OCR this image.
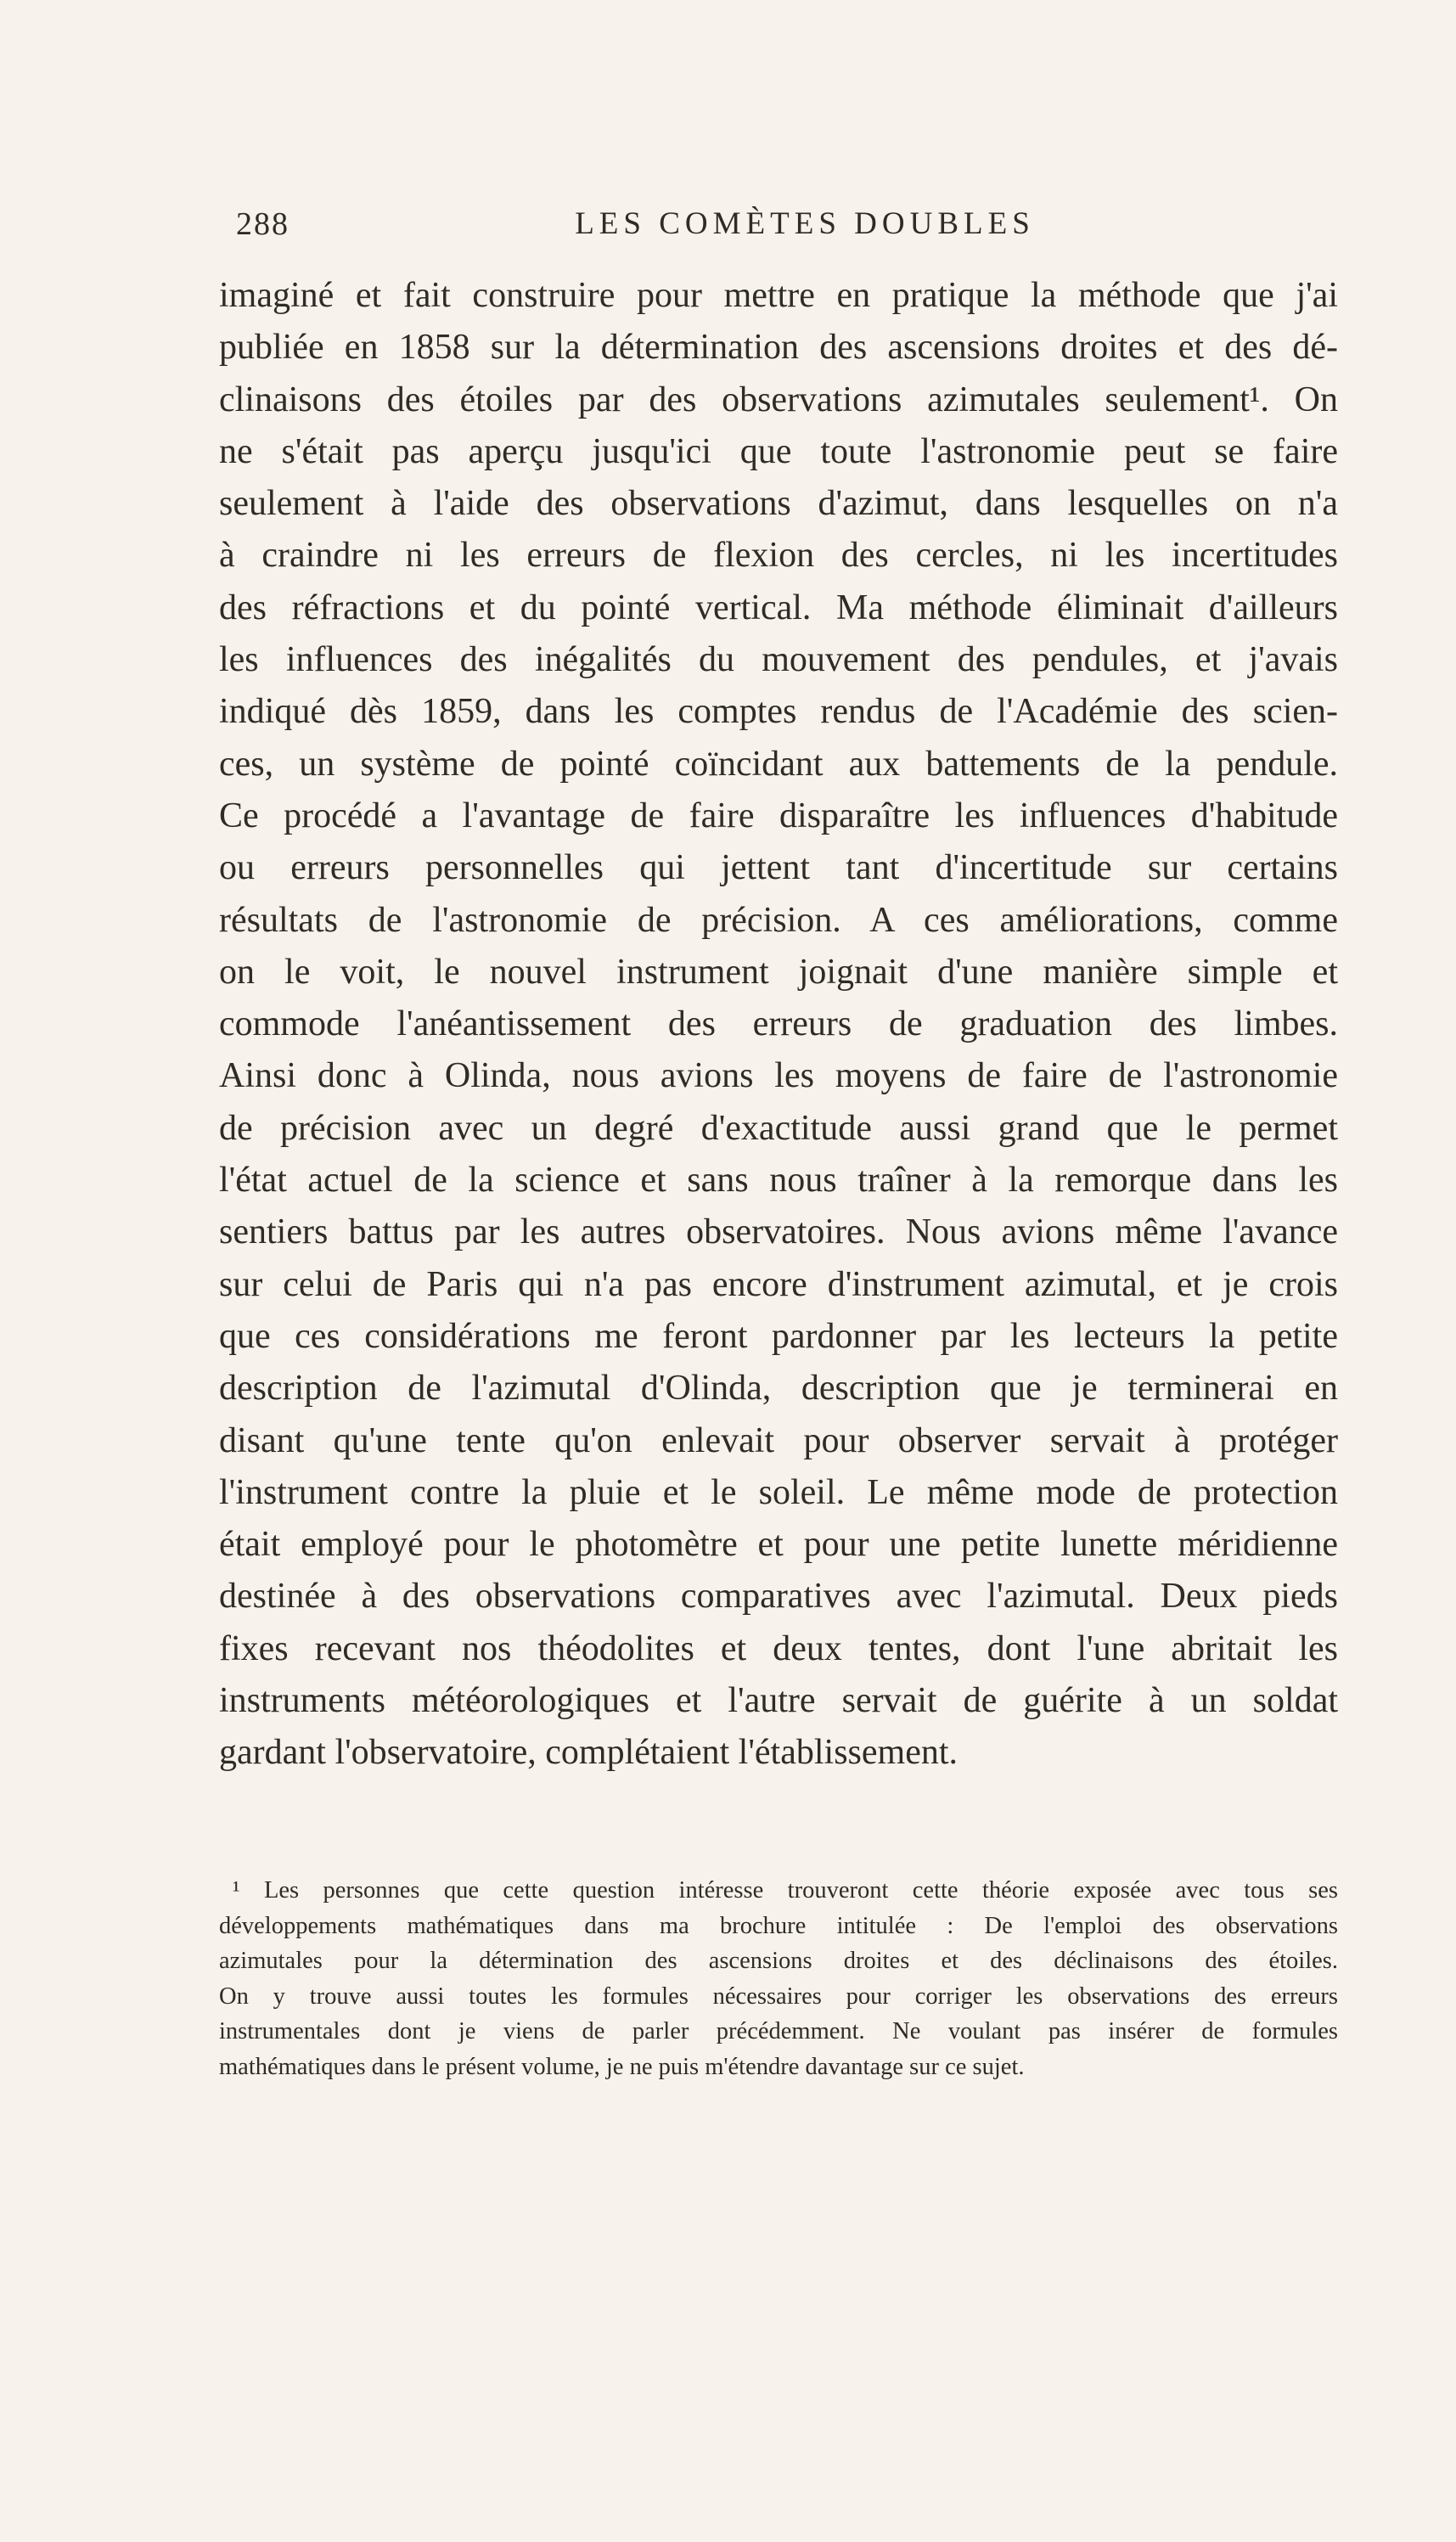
288	LES COMÈTES DOUBLES
imaginé et fait construire pour mettre en pratique la méthode que j'ai
publiée en 1858 sur la détermination des ascensions droites et des dé-
clinaisons des étoiles par des observations azimutales seulement¹. On
ne s'était pas aperçu jusqu'ici que toute l'astronomie peut se faire
seulement à l'aide des observations d'azimut, dans lesquelles on n'a
à craindre ni les erreurs de flexion des cercles, ni les incertitudes
des réfractions et du pointé vertical. Ma méthode éliminait d'ailleurs
les influences des inégalités du mouvement des pendules, et j'avais
indiqué dès 1859, dans les comptes rendus de l'Académie des scien-
ces, un système de pointé coïncidant aux battements de la pendule.
Ce procédé a l'avantage de faire disparaître les influences d'habitude
ou erreurs personnelles qui jettent tant d'incertitude sur certains
résultats de l'astronomie de précision. A ces améliorations, comme
on le voit, le nouvel instrument joignait d'une manière simple et
commode l'anéantissement des erreurs de graduation des limbes.
Ainsi donc à Olinda, nous avions les moyens de faire de l'astronomie
de précision avec un degré d'exactitude aussi grand que le permet
l'état actuel de la science et sans nous traîner à la remorque dans les
sentiers battus par les autres observatoires. Nous avions même l'avance
sur celui de Paris qui n'a pas encore d'instrument azimutal, et je crois
que ces considérations me feront pardonner par les lecteurs la petite
description de l'azimutal d'Olinda, description que je terminerai en
disant qu'une tente qu'on enlevait pour observer servait à protéger
l'instrument contre la pluie et le soleil. Le même mode de protection
était employé pour le photomètre et pour une petite lunette méridienne
destinée à des observations comparatives avec l'azimutal. Deux pieds
fixes recevant nos théodolites et deux tentes, dont l'une abritait les
instruments météorologiques et l'autre servait de guérite à un soldat
gardant l'observatoire, complétaient l'établissement.
¹ Les personnes que cette question intéresse trouveront cette théorie exposée avec tous ses
développements mathématiques dans ma brochure intitulée : De l'emploi des observations
azimutales pour la détermination des ascensions droites et des déclinaisons des étoiles.
On y trouve aussi toutes les formules nécessaires pour corriger les observations des erreurs
instrumentales dont je viens de parler précédemment. Ne voulant pas insérer de formules
mathématiques dans le présent volume, je ne puis m'étendre davantage sur ce sujet.
